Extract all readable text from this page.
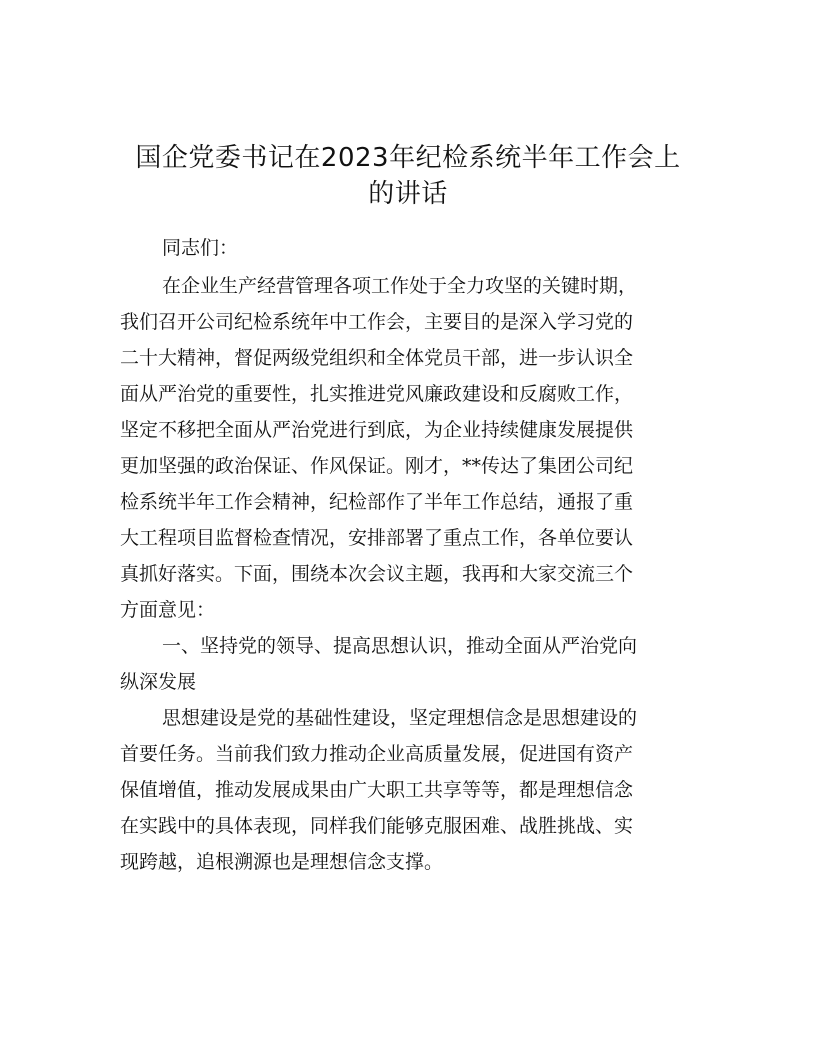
国企党委书记在2023年纪检系统半年工作会上
的讲话

同志们：

在企业生产经营管理各项工作处于全力攻坚的关键时期，
我们召开公司纪检系统年中工作会，主要目的是深入学习党的
二十大精神，督促两级党组织和全体党员干部，进一步认识全
面从严治党的重要性，扎实推进党风廉政建设和反腐败工作，
坚定不移把全面从严治党进行到底，为企业持续健康发展提供
更加坚强的政治保证、作风保证。刚才，**传达了集团公司纪
检系统半年工作会精神，纪检部作了半年工作总结，通报了重
大工程项目监督检查情况，安排部署了重点工作，各单位要认
真抓好落实。下面，围绕本次会议主题，我再和大家交流三个
方面意见：

一、坚持党的领导、提高思想认识，推动全面从严治党向
纵深发展

思想建设是党的基础性建设，坚定理想信念是思想建设的
首要任务。当前我们致力推动企业高质量发展，促进国有资产
保值增值，推动发展成果由广大职工共享等等，都是理想信念
在实践中的具体表现，同样我们能够克服困难、战胜挑战、实
现跨越，追根溯源也是理想信念支撑。
